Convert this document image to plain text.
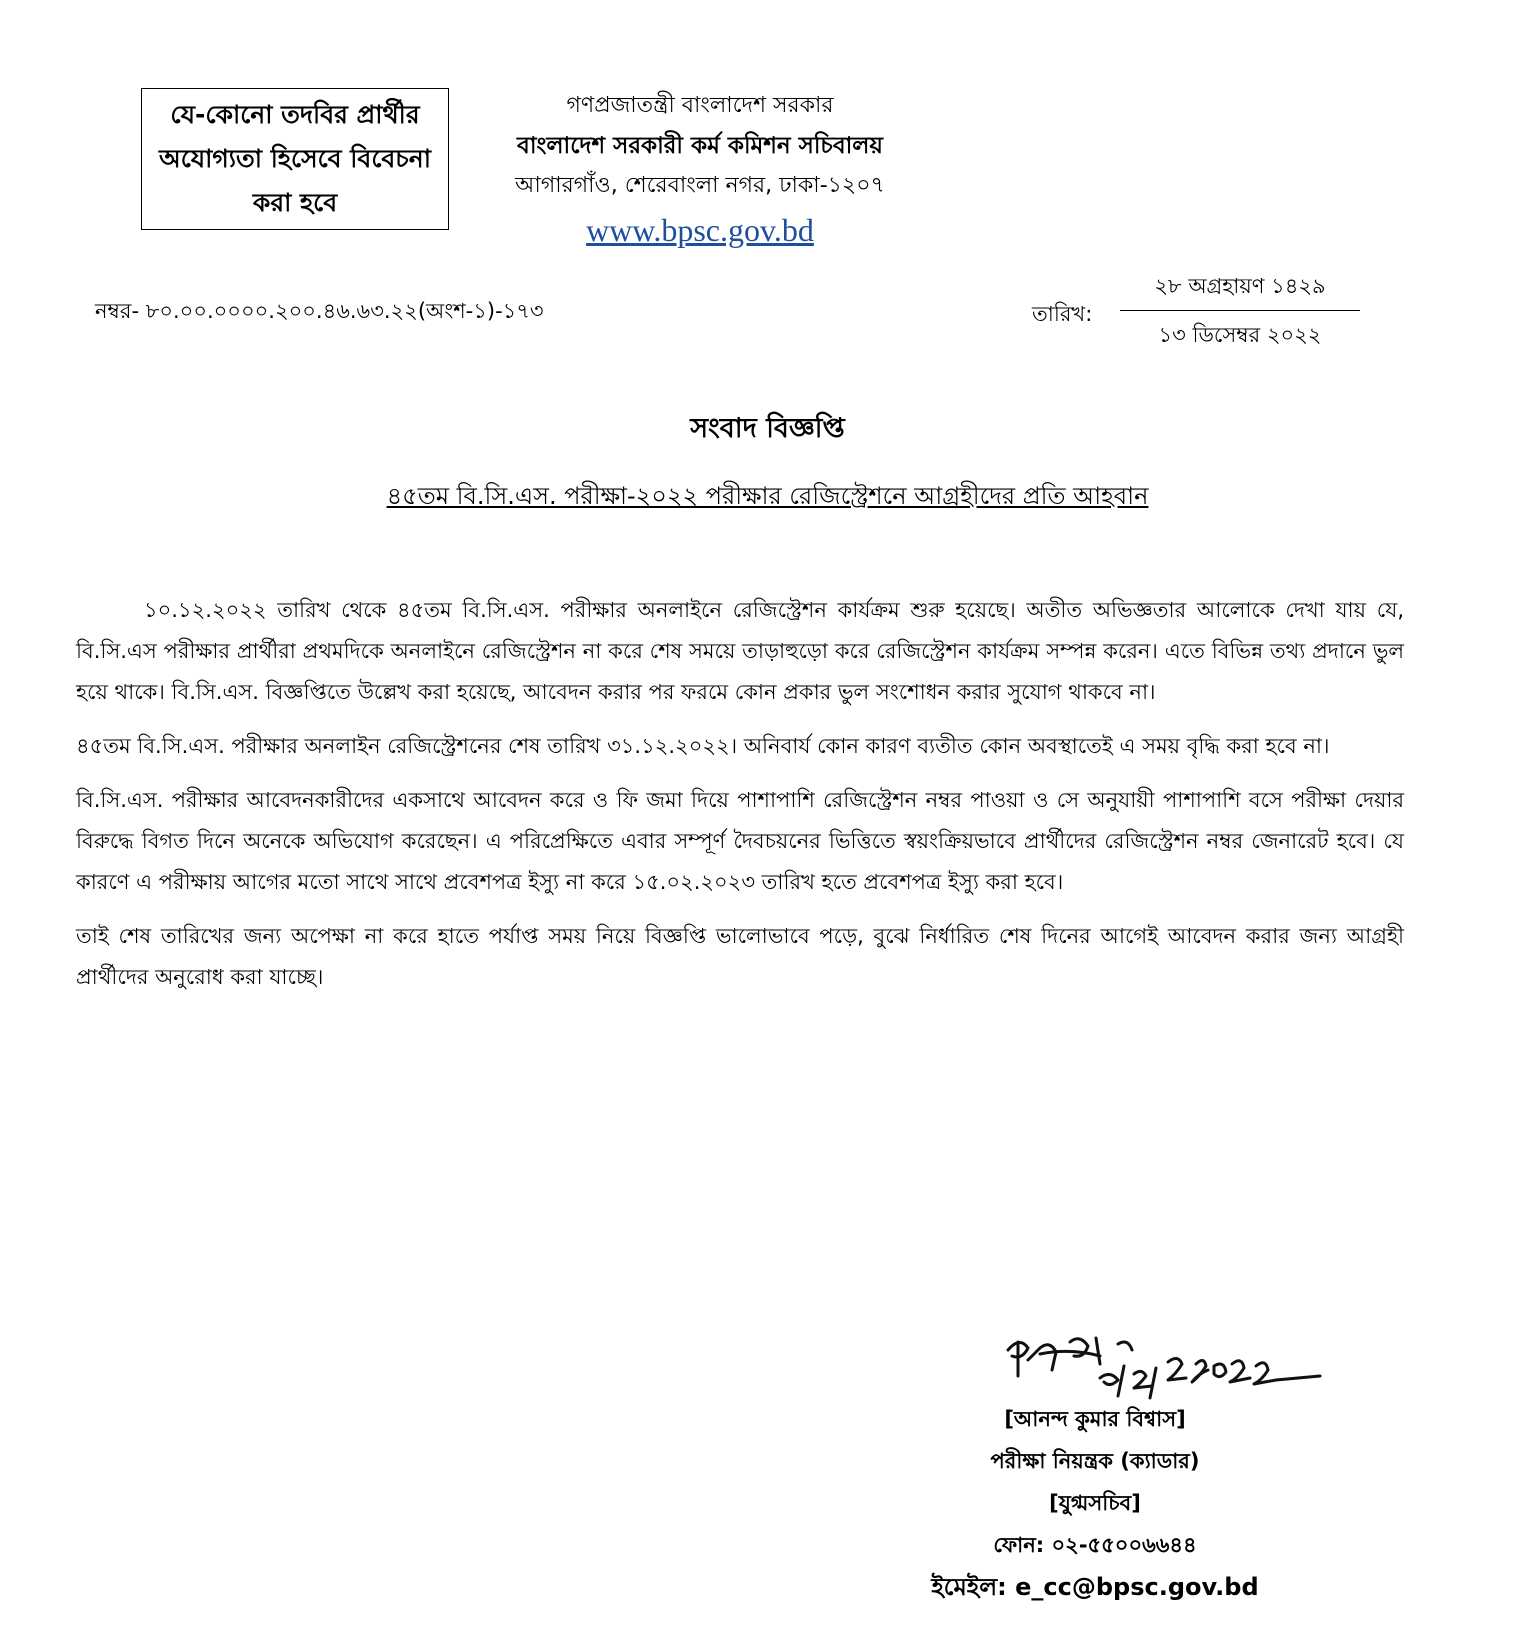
যে-কোনো তদবির প্রার্থীর
অযোগ্যতা হিসেবে বিবেচনা
করা হবে
গণপ্রজাতন্ত্রী বাংলাদেশ সরকার
বাংলাদেশ সরকারী কর্ম কমিশন সচিবালয়
আগারগাঁও, শেরেবাংলা নগর, ঢাকা-১২০৭
www.bpsc.gov.bd
নম্বর- ৮০.০০.০০০০.২০০.৪৬.৬৩.২২(অংশ-১)-১৭৩	তারিখ:
২৮ অগ্রহায়ণ ১৪২৯
১৩ ডিসেম্বর ২০২২
সংবাদ বিজ্ঞপ্তি
৪৫তম বি.সি.এস. পরীক্ষা-২০২২ পরীক্ষার রেজিস্ট্রেশনে আগ্রহীদের প্রতি আহবান

১০.১২.২০২২ তারিখ থেকে ৪৫তম বি.সি.এস. পরীক্ষার অনলাইনে রেজিস্ট্রেশন কার্যক্রম শুরু হয়েছে। অতীত অভিজ্ঞতার আলোকে দেখা যায় যে, বি.সি.এস পরীক্ষার প্রার্থীরা প্রথমদিকে অনলাইনে রেজিস্ট্রেশন না করে শেষ সময়ে তাড়াহুড়ো করে রেজিস্ট্রেশন কার্যক্রম সম্পন্ন করেন। এতে বিভিন্ন তথ্য প্রদানে ভুল হয়ে থাকে। বি.সি.এস. বিজ্ঞপ্তিতে উল্লেখ করা হয়েছে, আবেদন করার পর ফরমে কোন প্রকার ভুল সংশোধন করার সুযোগ থাকবে না।

৪৫তম বি.সি.এস. পরীক্ষার অনলাইন রেজিস্ট্রেশনের শেষ তারিখ ৩১.১২.২০২২। অনিবার্য কোন কারণ ব্যতীত কোন অবস্থাতেই এ সময় বৃদ্ধি করা হবে না।

বি.সি.এস. পরীক্ষার আবেদনকারীদের একসাথে আবেদন করে ও ফি জমা দিয়ে পাশাপাশি রেজিস্ট্রেশন নম্বর পাওয়া ও সে অনুযায়ী পাশাপাশি বসে পরীক্ষা দেয়ার বিরুদ্ধে বিগত দিনে অনেকে অভিযোগ করেছেন। এ পরিপ্রেক্ষিতে এবার সম্পূর্ণ দৈবচয়নের ভিত্তিতে স্বয়ংক্রিয়ভাবে প্রার্থীদের রেজিস্ট্রেশন নম্বর জেনারেট হবে। যে কারণে এ পরীক্ষায় আগের মতো সাথে সাথে প্রবেশপত্র ইস্যু না করে ১৫.০২.২০২৩ তারিখ হতে প্রবেশপত্র ইস্যু করা হবে।

তাই শেষ তারিখের জন্য অপেক্ষা না করে হাতে পর্যাপ্ত সময় নিয়ে বিজ্ঞপ্তি ভালোভাবে পড়ে, বুঝে নির্ধারিত শেষ দিনের আগেই আবেদন করার জন্য আগ্রহী প্রার্থীদের অনুরোধ করা যাচ্ছে।

[আনন্দ কুমার বিশ্বাস]
পরীক্ষা নিয়ন্ত্রক (ক্যাডার)
[যুগ্মসচিব]
ফোন: ০২-৫৫০০৬৬৪৪
ইমেইল: e_cc@bpsc.gov.bd
